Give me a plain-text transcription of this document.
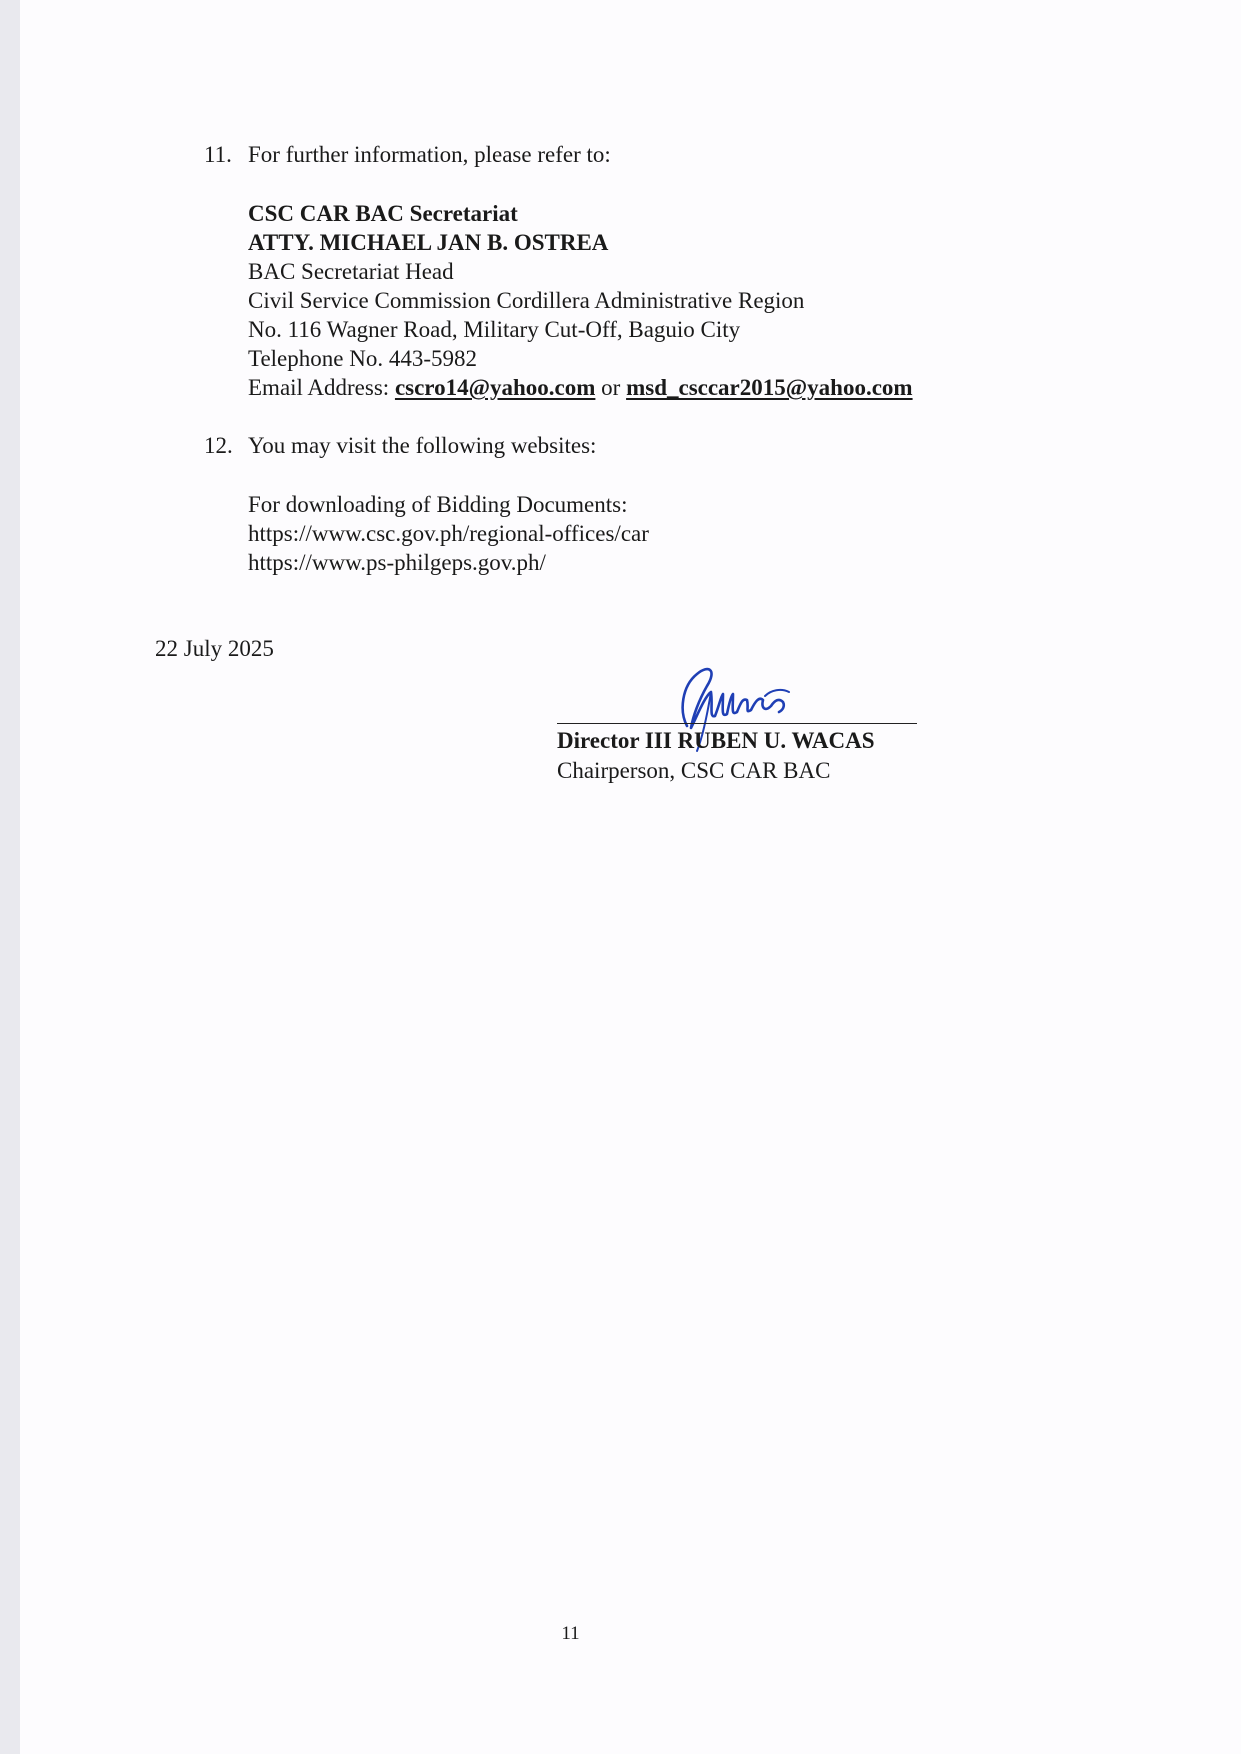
11. For further information, please refer to:
CSC CAR BAC Secretariat
ATTY. MICHAEL JAN B. OSTREA
BAC Secretariat Head
Civil Service Commission Cordillera Administrative Region
No. 116 Wagner Road, Military Cut-Off, Baguio City
Telephone No. 443-5982
Email Address: cscro14@yahoo.com or msd_csccar2015@yahoo.com
12. You may visit the following websites:
For downloading of Bidding Documents:
https://www.csc.gov.ph/regional-offices/car
https://www.ps-philgeps.gov.ph/
22 July 2025
Director III RUBEN U. WACAS
Chairperson, CSC CAR BAC
11
